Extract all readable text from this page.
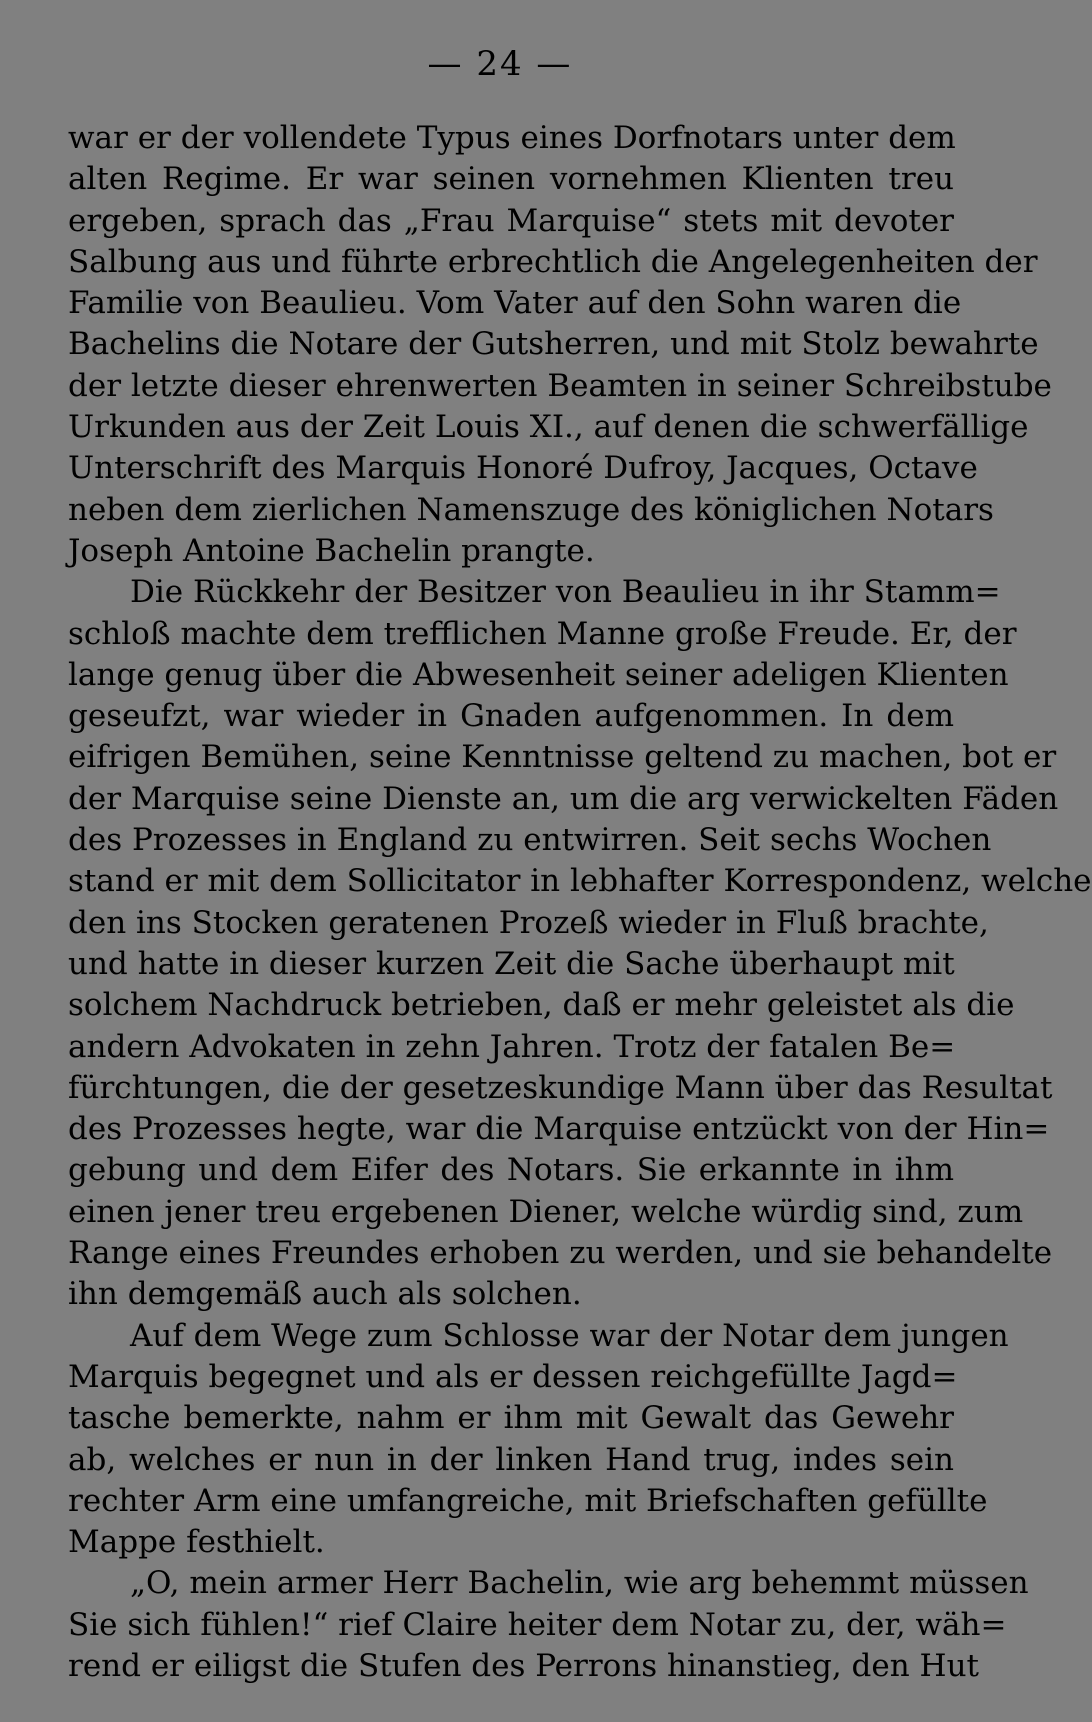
— 24 —
war er der vollendete Typus eines Dorfnotars unter dem
alten Regime. Er war seinen vornehmen Klienten treu
ergeben, sprach das „Frau Marquise“ stets mit devoter
Salbung aus und führte erbrechtlich die Angelegenheiten der
Familie von Beaulieu. Vom Vater auf den Sohn waren die
Bachelins die Notare der Gutsherren, und mit Stolz bewahrte
der letzte dieser ehrenwerten Beamten in seiner Schreibstube
Urkunden aus der Zeit Louis XI., auf denen die schwerfällige
Unterschrift des Marquis Honoré Dufroy, Jacques, Octave
neben dem zierlichen Namenszuge des königlichen Notars
Joseph Antoine Bachelin prangte.
Die Rückkehr der Besitzer von Beaulieu in ihr Stamm=
schloß machte dem trefflichen Manne große Freude. Er, der
lange genug über die Abwesenheit seiner adeligen Klienten
geseufzt, war wieder in Gnaden aufgenommen. In dem
eifrigen Bemühen, seine Kenntnisse geltend zu machen, bot er
der Marquise seine Dienste an, um die arg verwickelten Fäden
des Prozesses in England zu entwirren. Seit sechs Wochen
stand er mit dem Sollicitator in lebhafter Korrespondenz, welche
den ins Stocken geratenen Prozeß wieder in Fluß brachte,
und hatte in dieser kurzen Zeit die Sache überhaupt mit
solchem Nachdruck betrieben, daß er mehr geleistet als die
andern Advokaten in zehn Jahren. Trotz der fatalen Be=
fürchtungen, die der gesetzeskundige Mann über das Resultat
des Prozesses hegte, war die Marquise entzückt von der Hin=
gebung und dem Eifer des Notars. Sie erkannte in ihm
einen jener treu ergebenen Diener, welche würdig sind, zum
Range eines Freundes erhoben zu werden, und sie behandelte
ihn demgemäß auch als solchen.
Auf dem Wege zum Schlosse war der Notar dem jungen
Marquis begegnet und als er dessen reichgefüllte Jagd=
tasche bemerkte, nahm er ihm mit Gewalt das Gewehr
ab, welches er nun in der linken Hand trug, indes sein
rechter Arm eine umfangreiche, mit Briefschaften gefüllte
Mappe festhielt.
„O, mein armer Herr Bachelin, wie arg behemmt müssen
Sie sich fühlen!“ rief Claire heiter dem Notar zu, der, wäh=
rend er eiligst die Stufen des Perrons hinanstieg, den Hut
